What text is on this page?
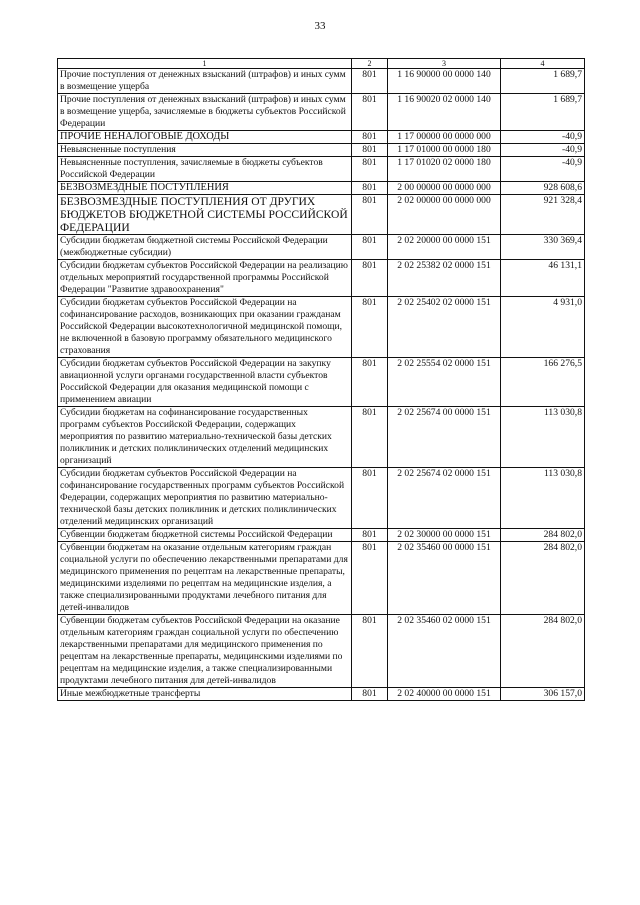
33
1	2	3	4
Прочие поступления от денежных взысканий (штрафов) и иных сумм в возмещение ущерба	801	1 16 90000 00 0000 140	1 689,7
Прочие поступления от денежных взысканий (штрафов) и иных сумм в возмещение ущерба, зачисляемые в бюджеты субъектов Российской Федерации	801	1 16 90020 02 0000 140	1 689,7
ПРОЧИЕ НЕНАЛОГОВЫЕ ДОХОДЫ	801	1 17 00000 00 0000 000	-40,9
Невыясненные поступления	801	1 17 01000 00 0000 180	-40,9
Невыясненные поступления, зачисляемые в бюджеты субъектов Российской Федерации	801	1 17 01020 02 0000 180	-40,9
БЕЗВОЗМЕЗДНЫЕ ПОСТУПЛЕНИЯ	801	2 00 00000 00 0000 000	928 608,6
БЕЗВОЗМЕЗДНЫЕ ПОСТУПЛЕНИЯ ОТ ДРУГИХ БЮДЖЕТОВ БЮДЖЕТНОЙ СИСТЕМЫ РОССИЙСКОЙ ФЕДЕРАЦИИ	801	2 02 00000 00 0000 000	921 328,4
Субсидии бюджетам бюджетной системы Российской Федерации (межбюджетные субсидии)	801	2 02 20000 00 0000 151	330 369,4
Субсидии бюджетам субъектов Российской Федерации на реализацию отдельных мероприятий государственной программы Российской Федерации "Развитие здравоохранения"	801	2 02 25382 02 0000 151	46 131,1
Субсидии бюджетам субъектов Российской Федерации на софинансирование расходов, возникающих при оказании гражданам Российской Федерации высокотехнологичной медицинской помощи, не включенной в базовую программу обязательного медицинского страхования	801	2 02 25402 02 0000 151	4 931,0
Субсидии бюджетам субъектов Российской Федерации на закупку авиационной услуги органами государственной власти субъектов Российской Федерации для оказания медицинской помощи с применением авиации	801	2 02 25554 02 0000 151	166 276,5
Субсидии бюджетам на софинансирование государственных программ субъектов Российской Федерации, содержащих мероприятия по развитию материально-технической базы детских поликлиник и детских поликлинических отделений медицинских организаций	801	2 02 25674 00 0000 151	113 030,8
Субсидии бюджетам субъектов Российской Федерации на софинансирование государственных программ субъектов Российской Федерации, содержащих мероприятия по развитию материально-технической базы детских поликлиник и детских поликлинических отделений медицинских организаций	801	2 02 25674 02 0000 151	113 030,8
Субвенции бюджетам бюджетной системы Российской Федерации	801	2 02 30000 00 0000 151	284 802,0
Субвенции бюджетам на оказание отдельным категориям граждан социальной услуги по обеспечению лекарственными препаратами для медицинского применения по рецептам на лекарственные препараты, медицинскими изделиями по рецептам на медицинские изделия, а также специализированными продуктами лечебного питания для детей-инвалидов	801	2 02 35460 00 0000 151	284 802,0
Субвенции бюджетам субъектов Российской Федерации на оказание отдельным категориям граждан социальной услуги по обеспечению лекарственными препаратами для медицинского применения по рецептам на лекарственные препараты, медицинскими изделиями по рецептам на медицинские изделия, а также специализированными продуктами лечебного питания для детей-инвалидов	801	2 02 35460 02 0000 151	284 802,0
Иные межбюджетные трансферты	801	2 02 40000 00 0000 151	306 157,0
